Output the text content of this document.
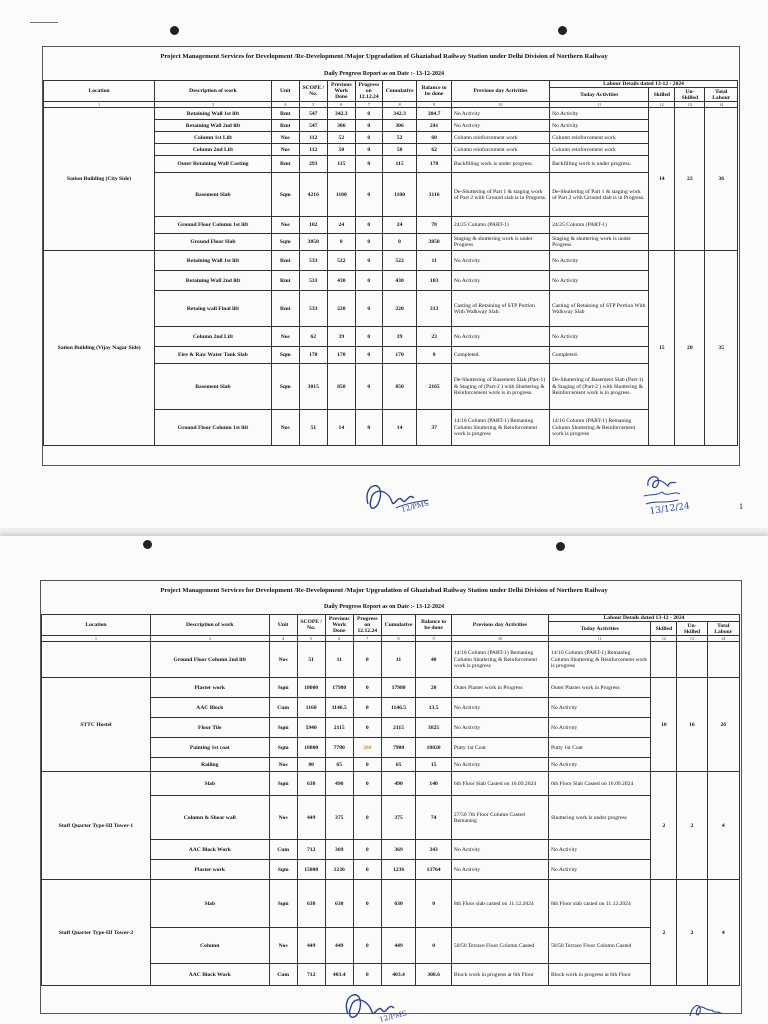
Project Management Services for Development /Re-Development /Major Upgradation of Ghaziabad Railway Station under Delhi Division of Northern Railway
Daily Progress Report as on Date :- 13-12-2024
Location	Description of work	Unit	SCOPE / No.	Previous Work Done	Progress on 12.12.24	Cumulative	Balance to be done	Previous day Activities	Labour Details dated 13-12 - 2024			
									Today Activities	Skilled	Un-Skilled	Total Labour
1	3	4	5	6	7	8	9	10	11	12	13	14
Sation Building (City Side)	Retaining Wall 1st lift	Rmt	547	342.3	0	342.3	204.7	No Activity	No Activity	14	22	36
	Retaining Wall 2nd lift	Rmt	547	306	0	306	241	No Activity	No Activity			
	Column 1st Lift	Nos	112	52	0	52	60	Column reinforcement work	Column reinforcement work			
	Column 2nd Lift	Nos	112	50	0	50	62	Column reinforcement work	Column reinforcement work			
	Outer Retaining Wall Casting	Rmt	293	115	0	115	178	Backfilling work is under progress.	Backfilling work is under progress.			
	Basement Slab	Sqm	4216	1100	0	1100	3116	De-Shuttering of Part 1 & staging work of Part 2 with Ground slab is in Progress.	De-Shuttering of Part 1 & staging work of Part 2 with Ground slab is in Progress.			
	Ground Floor Column 1st lift	Nos	102	24	0	24	78	24/25 Column (PART-1)	24/25 Column (PART-1)			
	Ground Floor Slab	Sqm	3850	0	0	0	3850	Staging & shuttering work is under Progress	Staging & shuttering work is under Progress			
Sation Building (Vijay Nagar Side)	Retaining Wall 1st lift	Rmt	533	522	0	522	11	No Activity	No Activity	15	20	35
	Retaining Wall 2nd lift	Rmt	533	430	0	430	103	No Activity	No Activity			
	Retaing wall Final lift	Rmt	533	220	0	220	313	Casting of Retaining of STP Portion With Walkway Slab.	Casting of Retaining of STP Portion With Walkway Slab			
	Column 2nd Lift	Nos	62	39	0	39	23	No Activity	No Activity			
	Fire & Raw Water Tank Slab	Sqm	170	170	0	170	0	Completed.	Completed.			
	Basement Slab	Sqm	3015	850	0	850	2165	De-Shuttering of Basement Slab (Part-1) & Staging of (Part-2 ) with Shuttering & Reinforcement work is in progress.	De-Shuttering of Basement Slab (Part-1) & Staging of (Part-2 ) with Shuttering & Reinforcement work is in progress.			
	Ground Floor Column 1st lift	Nos	51	14	0	14	37	14/16 Column (PART-1) Remaning Column Shuttering & Reinforcement work is progress	14/16 Column (PART-1) Remaning Column Shuttering & Reinforcement work is progress			
12/PMS	13/12/24	1
Project Management Services for Development /Re-Development /Major Upgradation of Ghaziabad Railway Station under Delhi Division of Northern Railway
Daily Progress Report as on Date :- 13-12-2024
Location	Description of work	Unit	SCOPE / No.	Previous Work Done	Progress on 12.12.24	Cumulative	Balance to be done	Previous day Activities	Labour Details dated 13-12 - 2024			
									Today Activities	Skilled	Un-Skilled	Total Labour
1	3	4	5	6	7	8	9	10	11	12	13	14
	Ground Floor Column 2nd lift	Nos	51	11	0	11	40	14/16 Column (PART-1) Remaning Column Shuttering & Reinforcement work is progress	14/16 Column (PART-1) Remaning Column Shuttering & Reinforcement work is progress			
STTC Hostel	Plaster work	Sqm	18000	17980	0	17980	20	Outer Plaster work in Progress	Outer Plaster work in Progress	10	16	26
	AAC Block	Cum	1160	1146.5	0	1146.5	13.5	No Activity	No Activity			
	Floor Tile	Sqm	5940	2115	0	2115	3825	No Activity	No Activity			
	Painting 1st coat	Sqm	18000	7780	200	7980	10020	Putty 1st Coat	Putty 1st Coat			
	Railing	Nos	80	65	0	65	15	No Activity	No Activity			
Staff Quarter Type-III Tower-1	Slab	Sqm	630	490	0	490	140	6th Floor Slab Casted on 16.09.2024	6th Floor Slab Casted on 16.09.2024	2	2	4
	Column & Shear wall	Nos	449	375	0	375	74	27/50 7th Floor Column Casted Remaning	Shuttering work is under progress			
	AAC Block Work	Cum	712	369	0	369	343	No Activity	No Activity			
	Plaster work	Sqm	15000	1236	0	1236	13764	No Activity	No Activity			
Staff Quarter Type-III Tower-2	Slab	Sqm	630	630	0	630	0	8th Floor slab casted on 11.12.2024	8th Floor slab casted on 11.12.2024	2	2	4
	Column	Nos	449	449	0	449	0	50/50 Terrace Floor Column Casted	50/50 Terrace Floor Column Casted			
	AAC Block Work	Cum	712	403.4	0	403.4	308.6	Block work in progress at 6th Floor	Block work in progress at 6th Floor			
12/PMS
